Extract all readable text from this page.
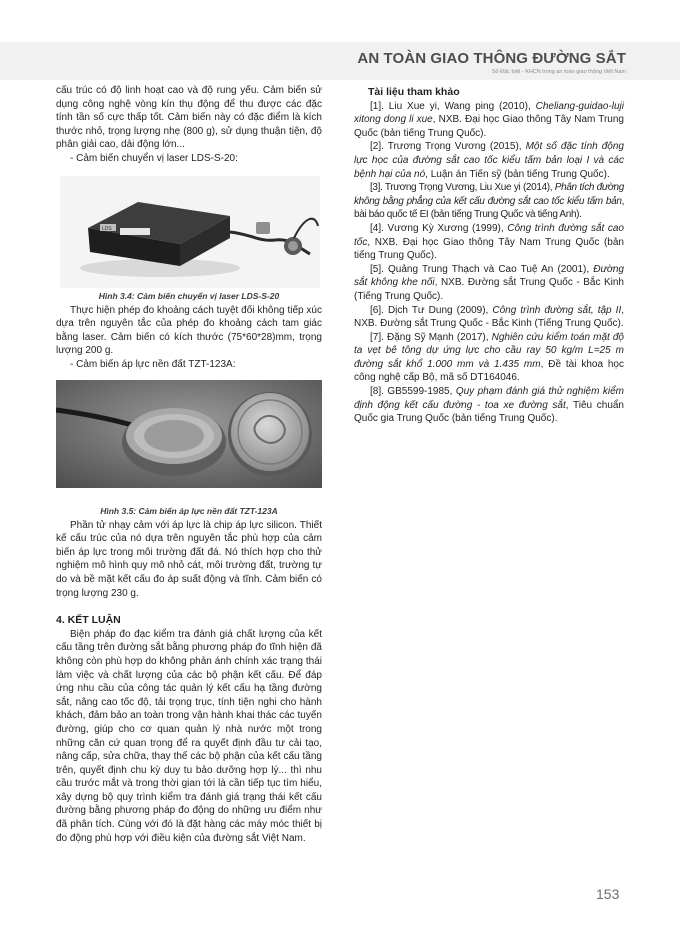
AN TOÀN GIAO THÔNG ĐƯỜNG SẮT
Số Đặc biệt - KHCN trong an toàn giao thông Việt Nam

cấu trúc có độ linh hoạt cao và độ rung yếu. Cảm biến sử dụng công nghệ vòng kín thụ động để thu được các đặc tính tần số cực thấp tốt. Cảm biến này có đặc điểm là kích thước nhỏ, trọng lượng nhẹ (800 g), sử dụng thuận tiện, độ phân giải cao, dải động lớn...

- Cảm biến chuyển vị laser LDS-S-20:

LDS

Hình 3.4: Cảm biến chuyển vị laser LDS-S-20

Thực hiện phép đo khoảng cách tuyệt đối không tiếp xúc dựa trên nguyên tắc của phép đo khoảng cách tam giác bằng laser. Cảm biến có kích thước (75*60*28)mm, trọng lượng 200 g.

- Cảm biến áp lực nền đất TZT-123A:

Hình 3.5: Cảm biến áp lực nền đất TZT-123A

Phần tử nhạy cảm với áp lực là chip áp lực silicon. Thiết kế cấu trúc của nó dựa trên nguyên tắc phù hợp của cảm biến áp lực trong môi trường đất đá. Nó thích hợp cho thử nghiệm mô hình quy mô nhỏ cát, môi trường đất, trường tự do và bề mặt kết cấu đo áp suất động và tĩnh. Cảm biến có trọng lượng 230 g.

4. KẾT LUẬN

Biện pháp đo đạc kiểm tra đánh giá chất lượng của kết cấu tầng trên đường sắt bằng phương pháp đo tĩnh hiện đã không còn phù hợp do không phản ánh chính xác trạng thái làm việc và chất lượng của các bộ phận kết cấu. Để đáp ứng nhu cầu của công tác quản lý kết cấu hạ tầng đường sắt, nâng cao tốc độ, tải trọng trục, tính tiện nghi cho hành khách, đảm bảo an toàn trong vận hành khai thác các tuyến đường, giúp cho cơ quan quản lý nhà nước một trong những căn cứ quan trọng để ra quyết định đầu tư cải tạo, nâng cấp, sửa chữa, thay thế các bộ phận của kết cấu tầng trên, quyết định chu kỳ duy tu bảo dưỡng hợp lý... thì nhu cầu trước mắt và trong thời gian tới là cần tiếp tục tìm hiểu, xây dựng bộ quy trình kiểm tra đánh giá trạng thái kết cấu đường bằng phương pháp đo động do những ưu điểm như đã phân tích. Cùng với đó là đặt hàng các máy móc thiết bị đo động phù hợp với điều kiện của đường sắt Việt Nam.

Tài liệu tham khảo

[1]. Liu Xue yi, Wang ping (2010), Cheliang-guidao-luji xitong dong li xue, NXB. Đại học Giao thông Tây Nam Trung Quốc (bản tiếng Trung Quốc).

[2]. Trương Trọng Vương (2015), Một số đặc tính động lực học của đường sắt cao tốc kiểu tấm bản loại I và các bệnh hại của nó, Luận án Tiến sỹ (bản tiếng Trung Quốc).

[3]. Trương Trọng Vương, Liu Xue yi (2014), Phân tích đường không bằng phẳng của kết cấu đường sắt cao tốc kiểu tấm bản, bài báo quốc tế EI (bản tiếng Trung Quốc và tiếng Anh).

[4]. Vương Kỳ Xương (1999), Công trình đường sắt cao tốc, NXB. Đại học Giao thông Tây Nam Trung Quốc (bản tiếng Trung Quốc).

[5]. Quảng Trung Thạch và Cao Tuệ An (2001), Đường sắt không khe nối, NXB. Đường sắt Trung Quốc - Bắc Kinh (Tiếng Trung Quốc).

[6]. Dịch Tư Dung (2009), Công trình đường sắt, tập II, NXB. Đường sắt Trung Quốc - Bắc Kinh (Tiếng Trung Quốc).

[7]. Đặng Sỹ Mạnh (2017), Nghiên cứu kiểm toán mặt độ ta vẹt bê tông dự ứng lực cho cầu ray 50 kg/m L=25 m đường sắt khổ 1.000 mm và 1.435 mm, Đề tài khoa học công nghệ cấp Bộ, mã số DT164046.

[8]. GB5599-1985, Quy phạm đánh giá thử nghiệm kiểm định động kết cấu đường - toa xe đường sắt, Tiêu chuẩn Quốc gia Trung Quốc (bản tiếng Trung Quốc).

153
